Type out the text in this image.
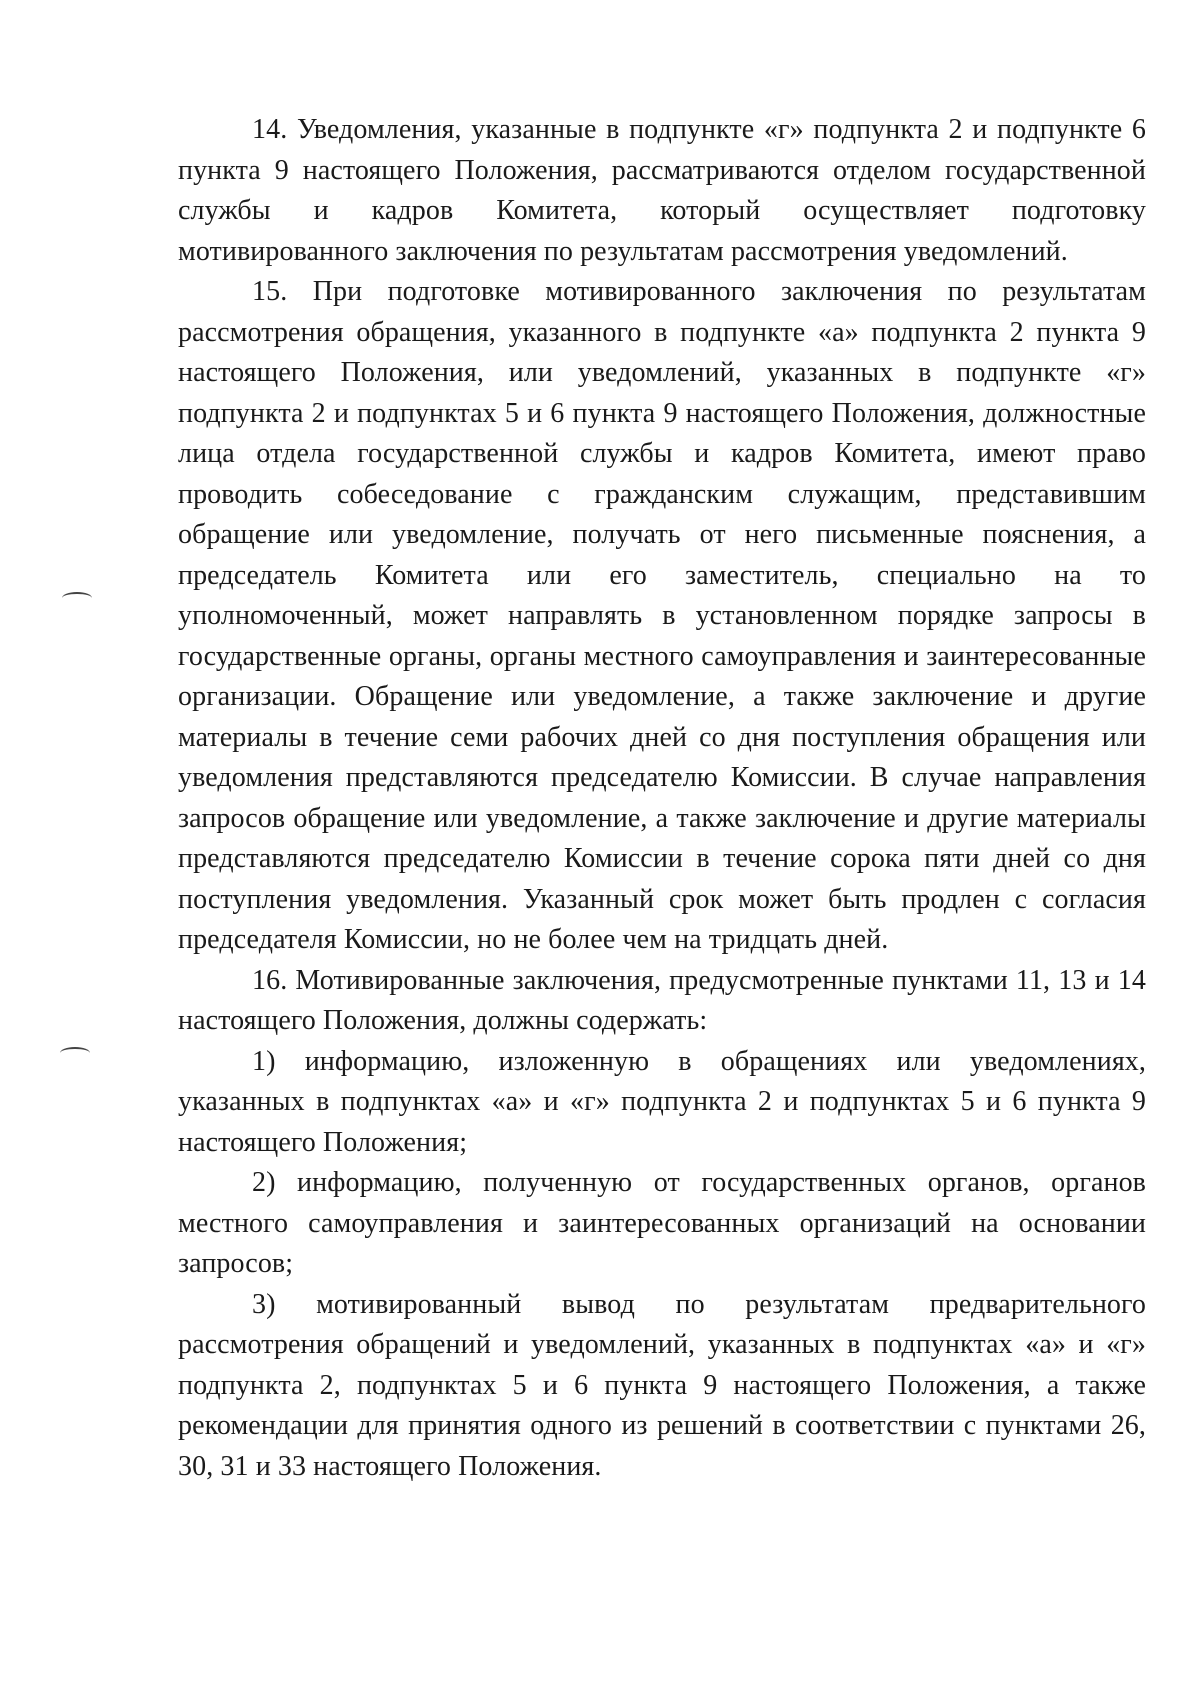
14. Уведомления, указанные в подпункте «г» подпункта 2 и подпункте 6 пункта 9 настоящего Положения, рассматриваются отделом государственной службы и кадров Комитета, который осуществляет подготовку мотивированного заключения по результатам рассмотрения уведомлений.

15. При подготовке мотивированного заключения по результатам рассмотрения обращения, указанного в подпункте «а» подпункта 2 пункта 9 настоящего Положения, или уведомлений, указанных в подпункте «г» подпункта 2 и подпунктах 5 и 6 пункта 9 настоящего Положения, должностные лица отдела государственной службы и кадров Комитета, имеют право проводить собеседование с гражданским служащим, представившим обращение или уведомление, получать от него письменные пояснения, а председатель Комитета или его заместитель, специально на то уполномоченный, может направлять в установленном порядке запросы в государственные органы, органы местного самоуправления и заинтересованные организации. Обращение или уведомление, а также заключение и другие материалы в течение семи рабочих дней со дня поступления обращения или уведомления представляются председателю Комиссии. В случае направления запросов обращение или уведомление, а также заключение и другие материалы представляются председателю Комиссии в течение сорока пяти дней со дня поступления уведомления. Указанный срок может быть продлен с согласия председателя Комиссии, но не более чем на тридцать дней.

16. Мотивированные заключения, предусмотренные пунктами 11, 13 и 14 настоящего Положения, должны содержать:

1) информацию, изложенную в обращениях или уведомлениях, указанных в подпунктах «а» и «г» подпункта 2 и подпунктах 5 и 6 пункта 9 настоящего Положения;

2) информацию, полученную от государственных органов, органов местного самоуправления и заинтересованных организаций на основании запросов;

3) мотивированный вывод по результатам предварительного рассмотрения обращений и уведомлений, указанных в подпунктах «а» и «г» подпункта 2, подпунктах 5 и 6 пункта 9 настоящего Положения, а также рекомендации для принятия одного из решений в соответствии с пунктами 26, 30, 31 и 33 настоящего Положения.
